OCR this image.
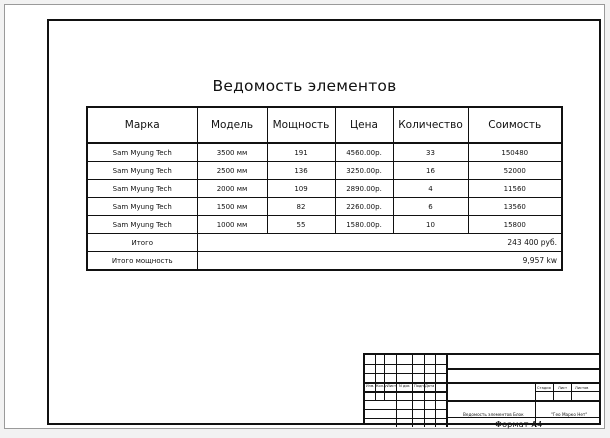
Ведомость элементов
Марка	Модель	Мощность	Цена	Количество	Соимость
Sam Myung Tech	3500 мм	191	4560.00р.	33	150480
Sam Myung Tech	2500 мм	136	3250.00р.	16	52000
Sam Myung Tech	2000 мм	109	2890.00р.	4	11560
Sam Myung Tech	1500 мм	82	2260.00р.	6	13560
Sam Myung Tech	1000 мм	55	1580.00р.	10	15800
Итого	243 400 руб.				
Итого мощность	9,957 kw				
Изм. Кол.уч
Лист N док Подп. Дата	Стадия Лист Листов
Ведомость элементов Блок	"Гео Марко Нет"
Формат А4
